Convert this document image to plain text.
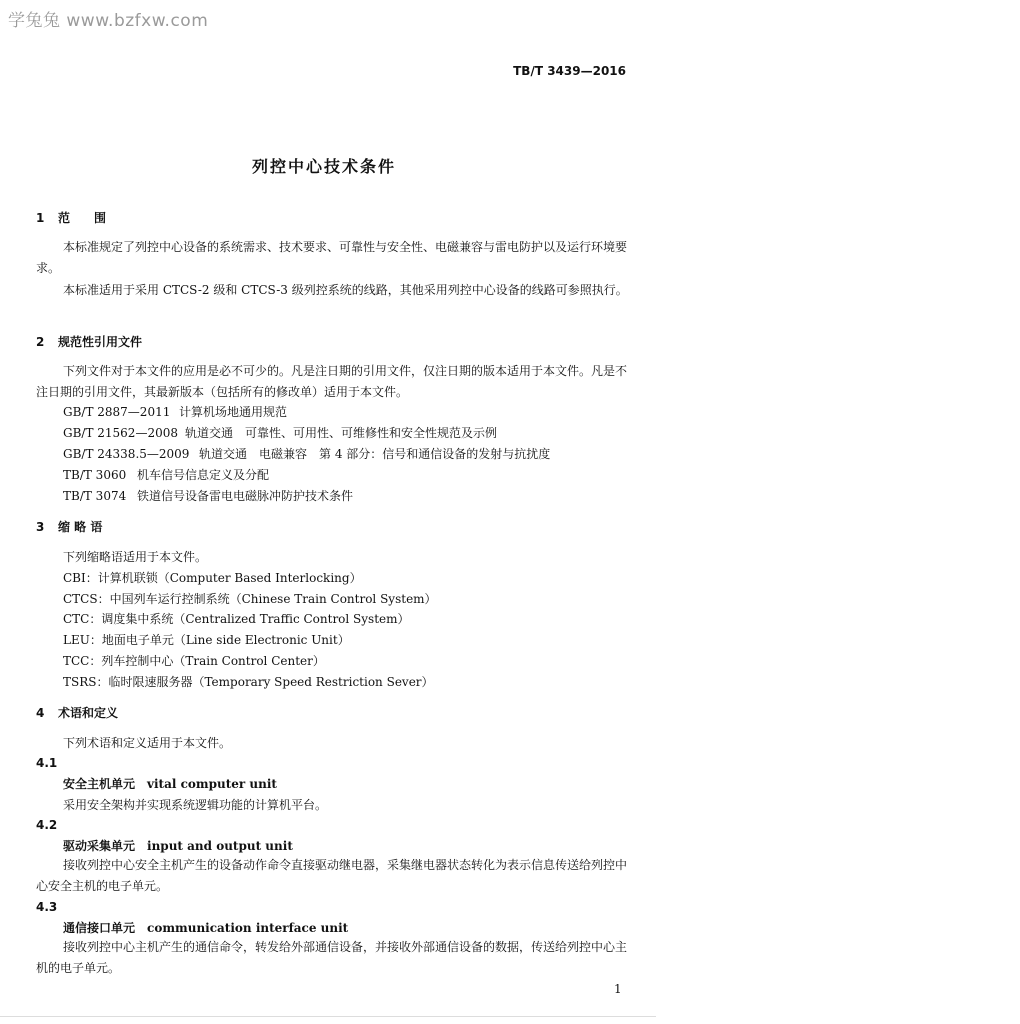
学兔兔 www.bzfxw.com
TB/T 3439—2016
列控中心技术条件
1 范　　围
本标准规定了列控中心设备的系统需求、技术要求、可靠性与安全性、电磁兼容与雷电防护以及运行环境要求。
本标准适用于采用 CTCS-2 级和 CTCS-3 级列控系统的线路，其他采用列控中心设备的线路可参照执行。
2 规范性引用文件
下列文件对于本文件的应用是必不可少的。凡是注日期的引用文件，仅注日期的版本适用于本文件。凡是不注日期的引用文件，其最新版本（包括所有的修改单）适用于本文件。
GB/T 2887—2011 计算机场地通用规范
GB/T 21562—2008 轨道交通　可靠性、可用性、可维修性和安全性规范及示例
GB/T 24338.5—2009 轨道交通　电磁兼容　第 4 部分：信号和通信设备的发射与抗扰度
TB/T 3060 机车信号信息定义及分配
TB/T 3074 铁道信号设备雷电电磁脉冲防护技术条件
3 缩 略 语
下列缩略语适用于本文件。
CBI：计算机联锁（Computer Based Interlocking）
CTCS：中国列车运行控制系统（Chinese Train Control System）
CTC：调度集中系统（Centralized Traffic Control System）
LEU：地面电子单元（Line side Electronic Unit）
TCC：列车控制中心（Train Control Center）
TSRS：临时限速服务器（Temporary Speed Restriction Sever）
4 术语和定义
下列术语和定义适用于本文件。
4.1
安全主机单元 vital computer unit
采用安全架构并实现系统逻辑功能的计算机平台。
4.2
驱动采集单元 input and output unit
接收列控中心安全主机产生的设备动作命令直接驱动继电器，采集继电器状态转化为表示信息传送给列控中心安全主机的电子单元。
4.3
通信接口单元 communication interface unit
接收列控中心主机产生的通信命令，转发给外部通信设备，并接收外部通信设备的数据，传送给列控中心主机的电子单元。
1
